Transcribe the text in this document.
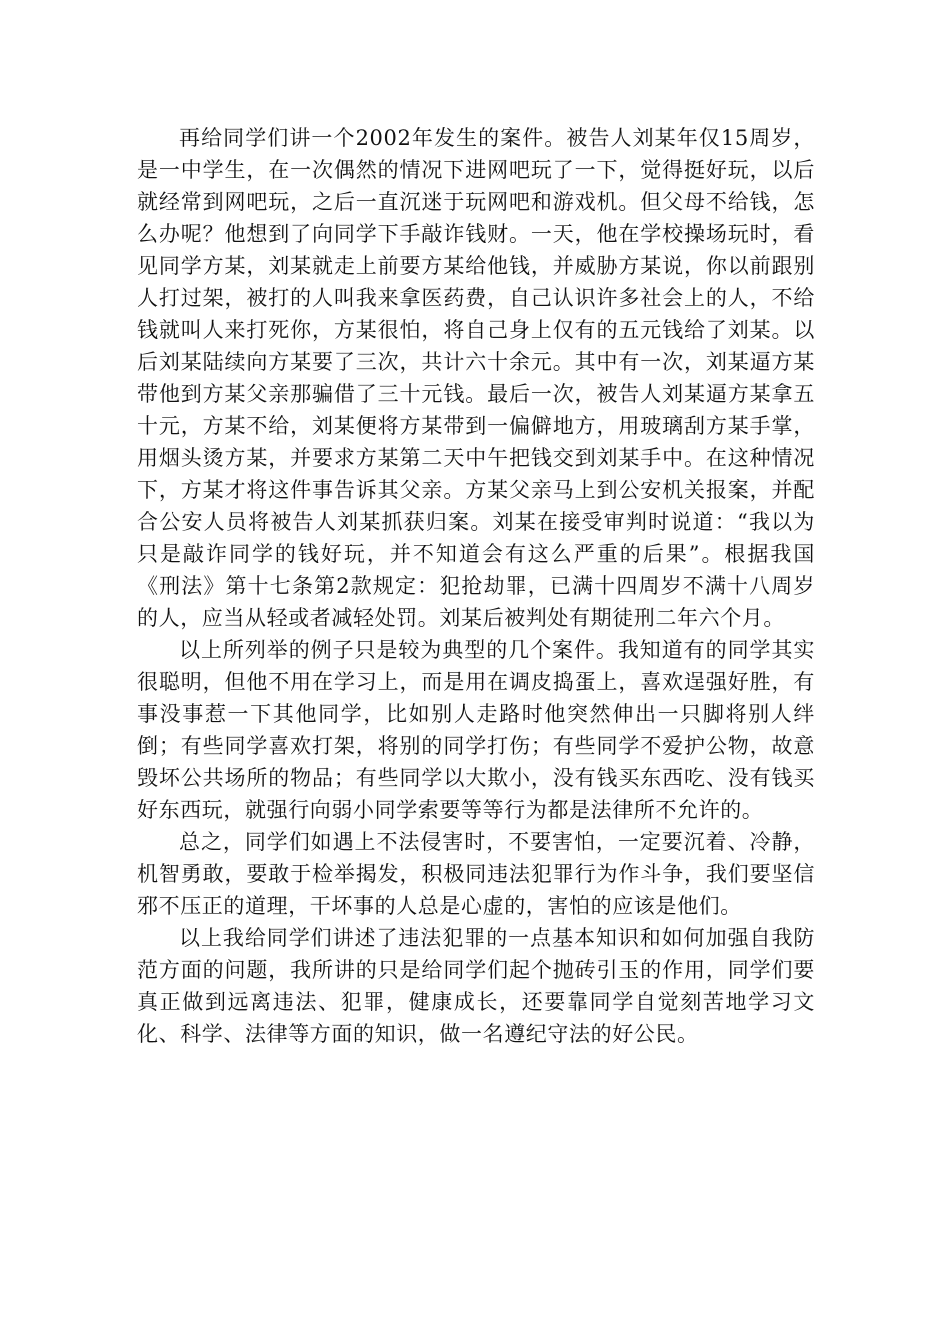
再给同学们讲一个2002年发生的案件。被告人刘某年仅15周岁，是一中学生，在一次偶然的情况下进网吧玩了一下，觉得挺好玩，以后就经常到网吧玩，之后一直沉迷于玩网吧和游戏机。但父母不给钱，怎么办呢？他想到了向同学下手敲诈钱财。一天，他在学校操场玩时，看见同学方某，刘某就走上前要方某给他钱，并威胁方某说，你以前跟别人打过架，被打的人叫我来拿医药费，自己认识许多社会上的人，不给钱就叫人来打死你，方某很怕，将自己身上仅有的五元钱给了刘某。以后刘某陆续向方某要了三次，共计六十余元。其中有一次，刘某逼方某带他到方某父亲那骗借了三十元钱。最后一次，被告人刘某逼方某拿五十元，方某不给，刘某便将方某带到一偏僻地方，用玻璃刮方某手掌，用烟头烫方某，并要求方某第二天中午把钱交到刘某手中。在这种情况下，方某才将这件事告诉其父亲。方某父亲马上到公安机关报案，并配合公安人员将被告人刘某抓获归案。刘某在接受审判时说道：“我以为只是敲诈同学的钱好玩，并不知道会有这么严重的后果”。根据我国《刑法》第十七条第2款规定：犯抢劫罪，已满十四周岁不满十八周岁的人，应当从轻或者减轻处罚。刘某后被判处有期徒刑二年六个月。

以上所列举的例子只是较为典型的几个案件。我知道有的同学其实很聪明，但他不用在学习上，而是用在调皮捣蛋上，喜欢逞强好胜，有事没事惹一下其他同学，比如别人走路时他突然伸出一只脚将别人绊倒；有些同学喜欢打架，将别的同学打伤；有些同学不爱护公物，故意毁坏公共场所的物品；有些同学以大欺小，没有钱买东西吃、没有钱买好东西玩，就强行向弱小同学索要等等行为都是法律所不允许的。

总之，同学们如遇上不法侵害时，不要害怕，一定要沉着、冷静，机智勇敢，要敢于检举揭发，积极同违法犯罪行为作斗争，我们要坚信邪不压正的道理，干坏事的人总是心虚的，害怕的应该是他们。

以上我给同学们讲述了违法犯罪的一点基本知识和如何加强自我防范方面的问题，我所讲的只是给同学们起个抛砖引玉的作用，同学们要真正做到远离违法、犯罪，健康成长，还要靠同学自觉刻苦地学习文化、科学、法律等方面的知识，做一名遵纪守法的好公民。
